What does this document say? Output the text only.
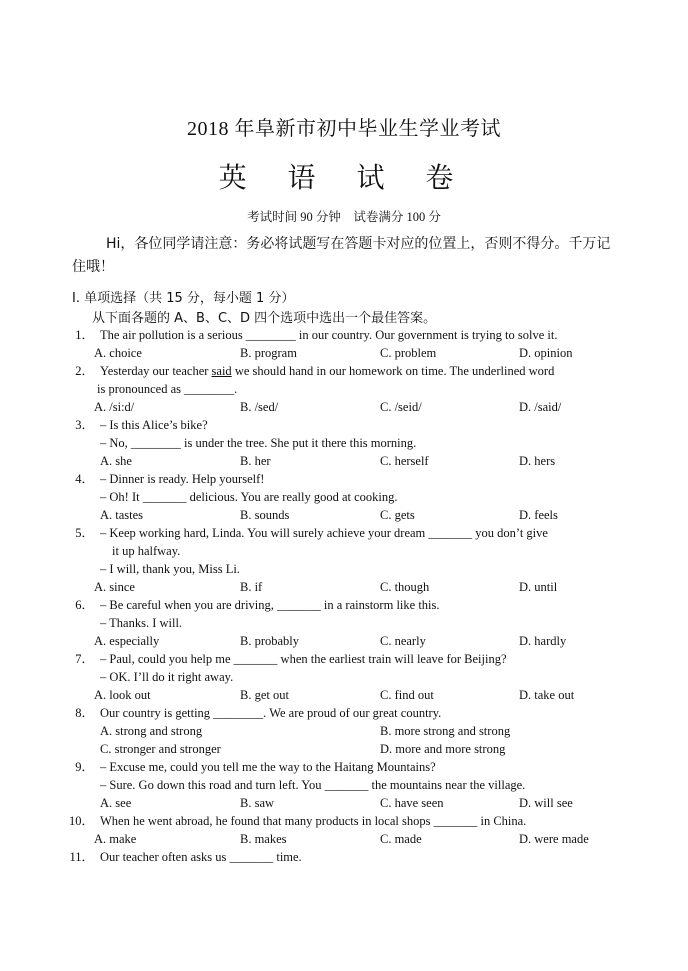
2018 年阜新市初中毕业生学业考试
英 语 试 卷
考试时间 90 分钟　试卷满分 100 分
Hi，各位同学请注意：务必将试题写在答题卡对应的位置上，否则不得分。千万记住哦！
Ⅰ. 单项选择（共 15 分，每小题 1 分）
从下面各题的 A、B、C、D 四个选项中选出一个最佳答案。
1． The air pollution is a serious ________ in our country. Our government is trying to solve it.
A. choice	B. program	C. problem	D. opinion
2． Yesterday our teacher said we should hand in our homework on time. The underlined word
is pronounced as ________.
A. /si:d/	B. /sed/	C. /seid/	D. /said/
3． – Is this Alice’s bike?
– No, ________ is under the tree. She put it there this morning.
A. she	B. her	C. herself	D. hers
4． – Dinner is ready. Help yourself!
– Oh! It _______ delicious. You are really good at cooking.
A. tastes	B. sounds	C. gets	D. feels
5． – Keep working hard, Linda. You will surely achieve your dream _______ you don’t give
it up halfway.
– I will, thank you, Miss Li.
A. since	B. if	C. though	D. until
6． – Be careful when you are driving, _______ in a rainstorm like this.
– Thanks. I will.
A. especially	B. probably	C. nearly	D. hardly
7． – Paul, could you help me _______ when the earliest train will leave for Beijing?
– OK. I’ll do it right away.
A. look out	B. get out	C. find out	D. take out
8． Our country is getting ________. We are proud of our great country.
A. strong and strong	B. more strong and strong
C. stronger and stronger	D. more and more strong
9． – Excuse me, could you tell me the way to the Haitang Mountains?
– Sure. Go down this road and turn left. You _______ the mountains near the village.
A. see	B. saw	C. have seen	D. will see
10． When he went abroad, he found that many products in local shops _______ in China.
A. make	B. makes	C. made	D. were made
11． Our teacher often asks us _______ time.
